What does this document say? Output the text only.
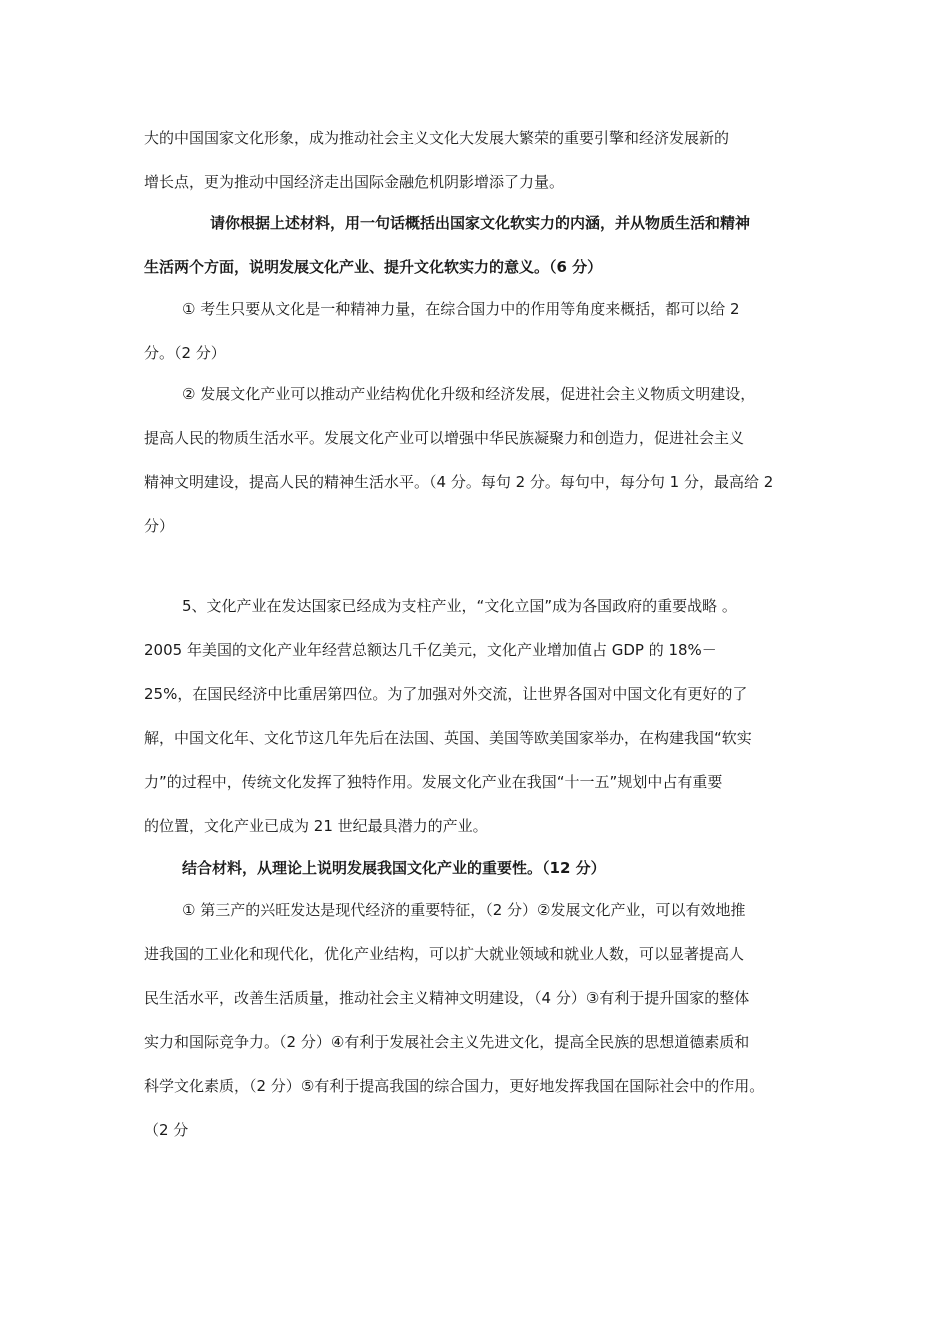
大的中国国家文化形象，成为推动社会主义文化大发展大繁荣的重要引擎和经济发展新的
增长点，更为推动中国经济走出国际金融危机阴影增添了力量。
请你根据上述材料，用一句话概括出国家文化软实力的内涵，并从物质生活和精神
生活两个方面，说明发展文化产业、提升文化软实力的意义。（6 分）
① 考生只要从文化是一种精神力量，在综合国力中的作用等角度来概括，都可以给 2
分。（2 分）
② 发展文化产业可以推动产业结构优化升级和经济发展，促进社会主义物质文明建设，
提高人民的物质生活水平。发展文化产业可以增强中华民族凝聚力和创造力，促进社会主义
精神文明建设，提高人民的精神生活水平。（4 分。每句 2 分。每句中，每分句 1 分，最高给 2
分）
5、文化产业在发达国家已经成为支柱产业，“文化立国”成为各国政府的重要战略 。
2005 年美国的文化产业年经营总额达几千亿美元，文化产业增加值占 GDP 的 18%－
25%，在国民经济中比重居第四位。为了加强对外交流，让世界各国对中国文化有更好的了
解，中国文化年、文化节这几年先后在法国、英国、美国等欧美国家举办，在构建我国“软实
力”的过程中，传统文化发挥了独特作用。发展文化产业在我国“十一五”规划中占有重要
的位置，文化产业已成为 21 世纪最具潜力的产业。
结合材料，从理论上说明发展我国文化产业的重要性。（12 分）
① 第三产的兴旺发达是现代经济的重要特征，（2 分）②发展文化产业，可以有效地推
进我国的工业化和现代化，优化产业结构，可以扩大就业领域和就业人数，可以显著提高人
民生活水平，改善生活质量，推动社会主义精神文明建设，（4 分）③有利于提升国家的整体
实力和国际竞争力。（2 分）④有利于发展社会主义先进文化，提高全民族的思想道德素质和
科学文化素质，（2 分）⑤有利于提高我国的综合国力，更好地发挥我国在国际社会中的作用。
（2 分
